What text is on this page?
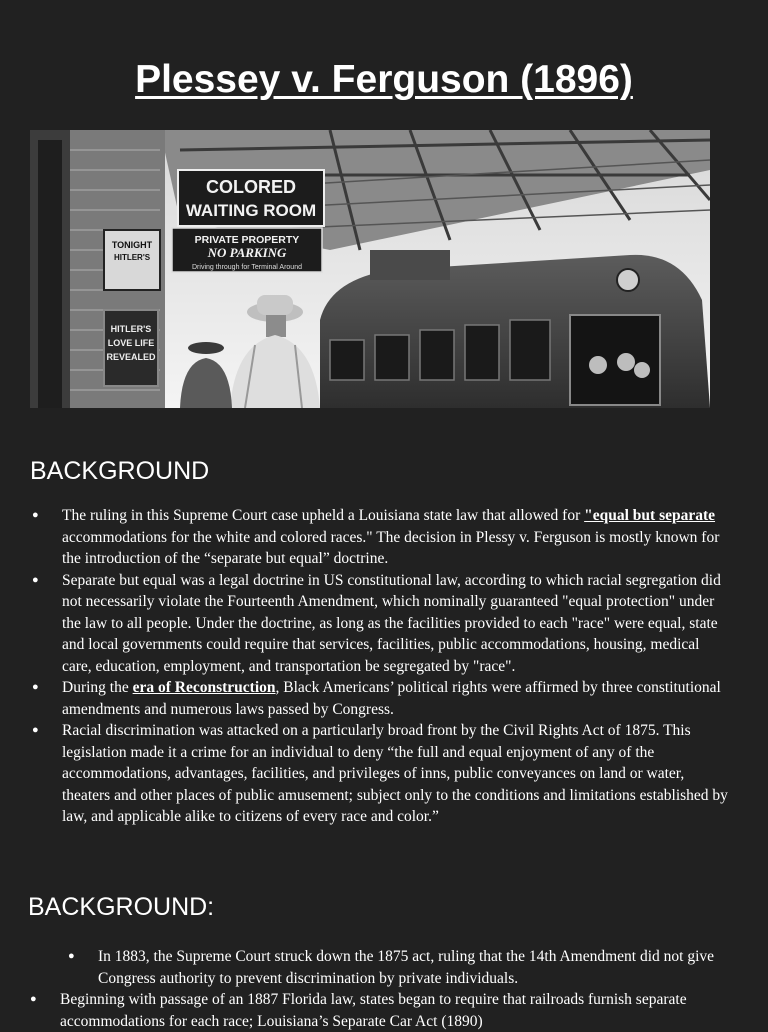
Plessey v. Ferguson (1896)
TONIGHT
HITLER'S
HITLER'S
LOVE LIFE
REVEALED
COLORED
WAITING ROOM
PRIVATE PROPERTY
NO PARKING
Driving through for Terminal Around
BACKGROUND
● The ruling in this Supreme Court case upheld a Louisiana state law that allowed for "equal but separate accommodations for the white and colored races." The decision in Plessy v. Ferguson is mostly known for the introduction of the “separate but equal” doctrine.
● Separate but equal was a legal doctrine in US constitutional law, according to which racial segregation did not necessarily violate the Fourteenth Amendment, which nominally guaranteed "equal protection" under the law to all people. Under the doctrine, as long as the facilities provided to each "race" were equal, state and local governments could require that services, facilities, public accommodations, housing, medical care, education, employment, and transportation be segregated by "race".
● During the era of Reconstruction, Black Americans’ political rights were affirmed by three constitutional amendments and numerous laws passed by Congress.
● Racial discrimination was attacked on a particularly broad front by the Civil Rights Act of 1875. This legislation made it a crime for an individual to deny “the full and equal enjoyment of any of the accommodations, advantages, facilities, and privileges of inns, public conveyances on land or water, theaters and other places of public amusement; subject only to the conditions and limitations established by law, and applicable alike to citizens of every race and color.”
BACKGROUND:
● In 1883, the Supreme Court struck down the 1875 act, ruling that the 14th Amendment did not give Congress authority to prevent discrimination by private individuals.
● Beginning with passage of an 1887 Florida law, states began to require that railroads furnish separate accommodations for each race; Louisiana’s Separate Car Act (1890)
